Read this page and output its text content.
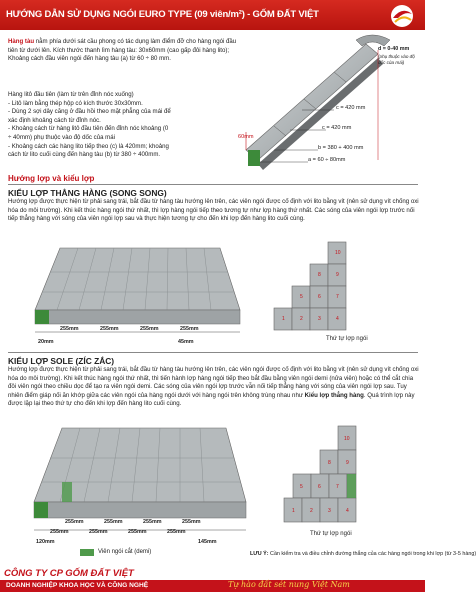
HƯỚNG DẪN SỬ DỤNG NGÓI EURO TYPE (09 viên/m²) - GỐM ĐẤT VIỆT
Hàng tàu nằm phía dưới sát cầu phong có tác dụng làm điểm đỡ cho hàng ngói đầu tiên từ dưới lên. Kích thước thanh lìm hàng tàu: 30x60mm (cao gấp đôi hàng lito); Khoảng cách đầu viên ngói đến hàng tàu (a) từ 60 ÷ 80 mm.
Hàng litô đầu tiên (làm từ trên đỉnh nóc xuống)
- Litô làm bằng thép hộp có kích thước 30x30mm.
- Dùng 2 sợi dây căng ở đầu hồi theo mặt phẳng của mái để
xác định khoảng cách từ đỉnh nóc.
- Khoảng cách từ hàng litô đầu tiên đến đỉnh nóc khoảng (0
÷ 40mm) phụ thuộc vào độ dốc của mái
- Khoảng cách các hàng lito tiếp theo (c) là 420mm; khoảng
cách từ lito cuối cùng đến hàng tàu (b) từ 380 ÷ 400mm.
d = 0-40 mm
(phụ thuộc vào độ dốc của mái)
c = 420 mm
c = 420 mm
b = 380 + 400 mm
a = 60 ÷ 80mm
60mm
Hướng lợp và kiểu lợp
KIỂU LỢP THẲNG HÀNG (SONG SONG)
Hướng lợp được thực hiện từ phải sang trái, bắt đầu từ hàng tàu hướng lên trên, các viên ngói được cố định với lito bằng vít (nên sử dụng vít chống oxi hóa do môi trường). Khi kết thúc hàng ngói thứ nhất, thì lợp hàng ngói tiếp theo tương tự như lợp hàng thứ nhất. Các sóng của viên ngói lợp trước nối tiếp thẳng hàng với sóng của viên ngói lợp sau và thực hiện tương tự cho đến khi lợp đến hàng lito cuối cùng.
255mm	255mm	255mm	255mm
20mm	45mm
10
8	9
5	6	7
1	2	3	4
Thứ tự lợp ngói
KIỂU LỢP SOLE (ZÍC ZẮC)
Hướng lợp được thực hiện từ phải sang trái, bắt đầu từ hàng tàu hướng lên trên, các viên ngói được cố định với lito bằng vít (nên sử dụng vít chống oxi hóa do môi trường). Khi kết thúc hàng ngói thứ nhất, thì tiến hành lợp hàng ngói tiếp theo bắt đầu bằng viên ngói demi (nửa viên) hoặc có thể cắt chia đôi viên ngói theo chiều dọc để tạo ra viên ngói demi. Các sóng của viên ngói lợp trước vẫn nối tiếp thẳng hàng với sóng của viên ngói lợp sau. Tuy nhiên điểm giáp nối ăn khớp giữa các viên ngói của hàng ngói dưới với hàng ngói trên không trùng nhau như Kiểu lợp thẳng hàng. Quá trình lợp này được lặp lại theo thứ tự cho đến khi lợp đến hàng lito cuối cùng.
255mm	255mm	255mm	255mm
255mm	255mm	255mm	255mm
120mm	145mm
Viên ngói cắt (demi)
10
8	9
5	6	7
1	2	3	4
Thứ tự lợp ngói
LƯU Ý: Cần kiểm tra và điều chỉnh đường thẳng của các hàng ngói trong khi lợp (từ 3-5 hàng)
CÔNG TY CP GỐM ĐẤT VIỆT
DOANH NGHIỆP KHOA HỌC VÀ CÔNG NGHỆ	Tự hào đất sét nung Việt Nam
